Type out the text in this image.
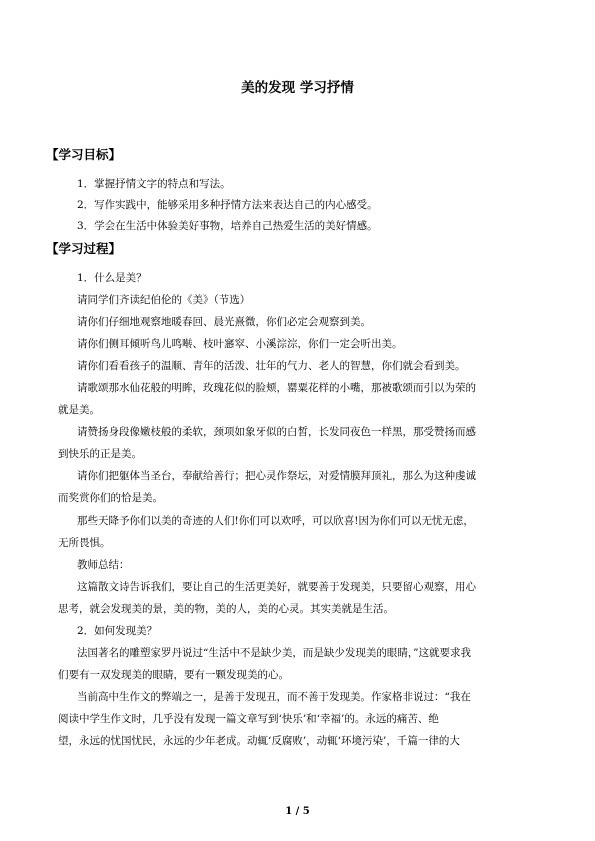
美的发现 学习抒情
【学习目标】
1．掌握抒情文字的特点和写法。
2．写作实践中，能够采用多种抒情方法来表达自己的内心感受。
3．学会在生活中体验美好事物，培养自己热爱生活的美好情感。
【学习过程】
1．什么是美？
请同学们齐读纪伯伦的《美》（节选）
请你们仔细地观察地暖春回、晨光熹微，你们必定会观察到美。
请你们侧耳倾听鸟儿鸣啭、枝叶窸窣、小溪淙淙，你们一定会听出美。
请你们看看孩子的温顺、青年的活泼、壮年的气力、老人的智慧，你们就会看到美。
请歌颂那水仙花般的明眸，玫瑰花似的脸颊，罂粟花样的小嘴，那被歌颂而引以为荣的
就是美。
请赞扬身段像嫩枝般的柔软，颈项如象牙似的白皙，长发同夜色一样黑，那受赞扬而感
到快乐的正是美。
请你们把躯体当圣台，奉献给善行；把心灵作祭坛，对爱情膜拜顶礼，那么为这种虔诚
而奖赏你们的恰是美。
那些天降予你们以美的奇迹的人们!你们可以欢呼，可以欣喜!因为你们可以无忧无虑，
无所畏惧。
教师总结：
这篇散文诗告诉我们，要让自己的生活更美好，就要善于发现美，只要留心观察，用心
思考，就会发现美的景，美的物，美的人，美的心灵。其实美就是生活。
2．如何发现美？
法国著名的雕塑家罗丹说过“生活中不是缺少美，而是缺少发现美的眼睛，”这就要求我
们要有一双发现美的眼睛，要有一颗发现美的心。
当前高中生作文的弊端之一，是善于发现丑，而不善于发现美。作家格非说过：“我在
阅读中学生作文时，几乎没有发现一篇文章写到‘快乐’和‘幸福’的。永远的痛苦、绝
望，永远的忧国忧民，永远的少年老成。动辄‘反腐败’，动辄‘环境污染’，千篇一律的大
1 / 5
